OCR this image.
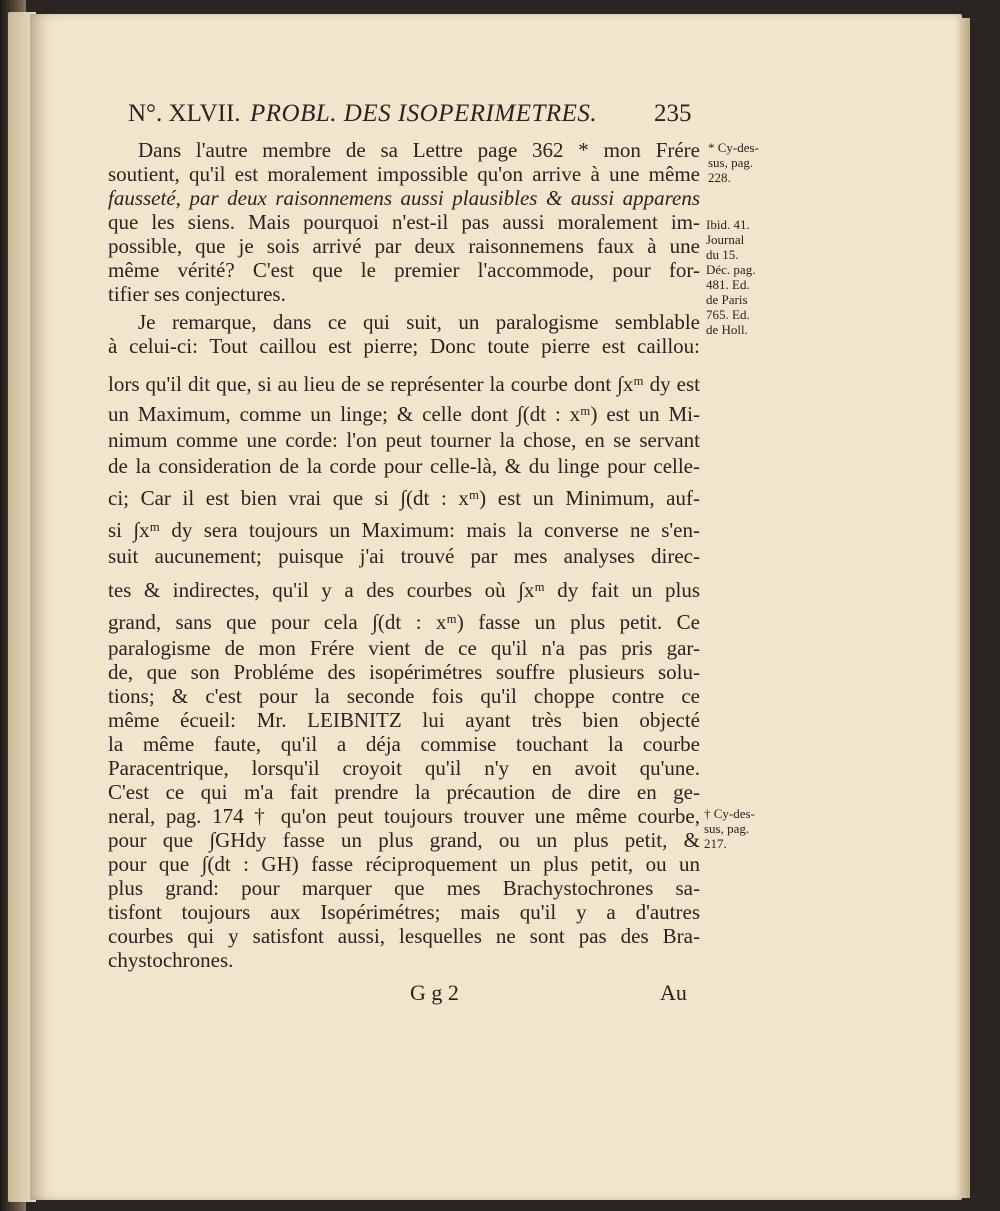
N°. XLVII. PROBL. DES ISOPERIMETRES. 235
Dans l'autre membre de sa Lettre page 362 * mon Frére
soutient, qu'il est moralement impossible qu'on arrive à une même
fausseté, par deux raisonnemens aussi plausibles & aussi apparens
que les siens. Mais pourquoi n'est-il pas aussi moralement im-
possible, que je sois arrivé par deux raisonnemens faux à une
même vérité? C'est que le premier l'accommode, pour for-
tifier ses conjectures.
Je remarque, dans ce qui suit, un paralogisme semblable
à celui-ci: Tout caillou est pierre; Donc toute pierre est caillou:
lors qu'il dit que, si au lieu de se représenter la courbe dont ∫xᵐ dy est
un Maximum, comme un linge; & celle dont ∫(dt : xᵐ) est un Mi-
nimum comme une corde: l'on peut tourner la chose, en se servant
de la consideration de la corde pour celle-là, & du linge pour celle-
ci; Car il est bien vrai que si ∫(dt : xᵐ) est un Minimum, auf-
si ∫xᵐ dy sera toujours un Maximum: mais la converse ne s'en-
suit aucunement; puisque j'ai trouvé par mes analyses direc-
tes & indirectes, qu'il y a des courbes où ∫xᵐ dy fait un plus
grand, sans que pour cela ∫(dt : xᵐ) fasse un plus petit. Ce
paralogisme de mon Frére vient de ce qu'il n'a pas pris gar-
de, que son Probléme des isopérimétres souffre plusieurs solu-
tions; & c'est pour la seconde fois qu'il choppe contre ce
même écueil: Mr. LEIBNITZ lui ayant très bien objecté
la même faute, qu'il a déja commise touchant la courbe
Paracentrique, lorsqu'il croyoit qu'il n'y en avoit qu'une.
C'est ce qui m'a fait prendre la précaution de dire en ge-
neral, pag. 174 † qu'on peut toujours trouver une même courbe,
pour que ∫GHdy fasse un plus grand, ou un plus petit, &
pour que ∫(dt : GH) fasse réciproquement un plus petit, ou un
plus grand: pour marquer que mes Brachystochrones sa-
tisfont toujours aux Isopérimétres; mais qu'il y a d'autres
courbes qui y satisfont aussi, lesquelles ne sont pas des Bra-
chystochrones.
* Cy-des-
sus, pag.
228.
Ibid. 41.
Journal
du 15.
Déc. pag.
481. Ed.
de Paris
765. Ed.
de Holl.
† Cy-des-
sus, pag.
217.
G g 2	Au
